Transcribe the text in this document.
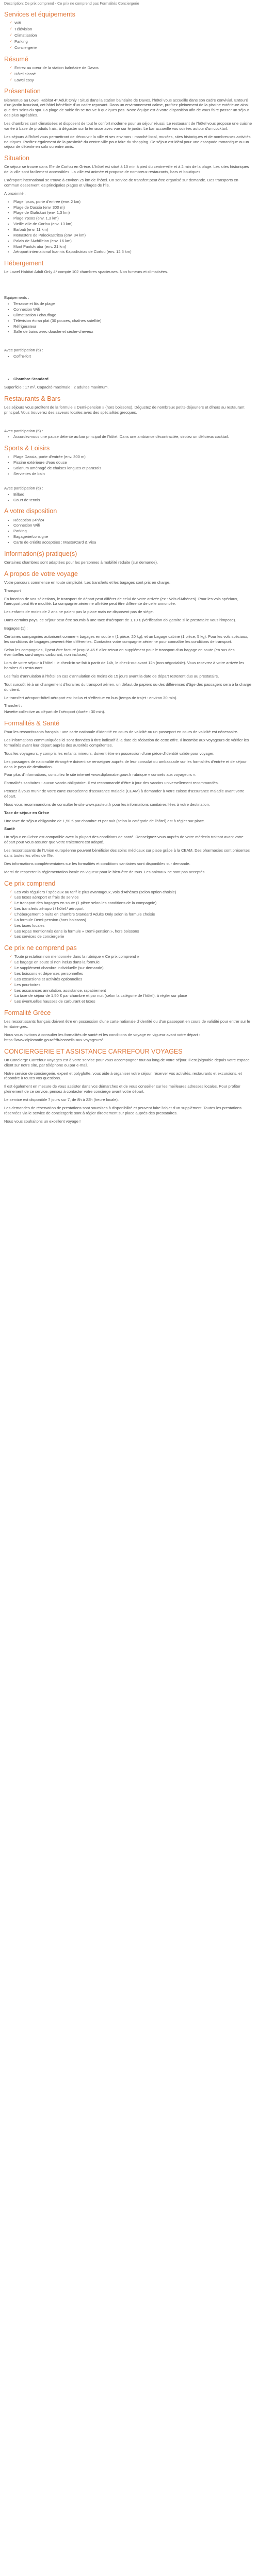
Description: Ce prix comprend - Ce prix ne comprend pas Formalités Conciergerie
Services et équipements
✓ Wifi
✓ Télévision
✓ Climatisation
✓ Parking
✓ Conciergerie
Résumé
✓ Entrez au cœur de la station balnéaire de Davos
✓ Hôtel classé
✓ Lowel cosy
Présentation

Bienvenue au Lowel Habitat 4* Adult Only ! Situé dans la station balnéaire de Davos, l'hôtel vous accueille dans son cadre convivial. Entouré d'un jardin luxuriant, cet hôtel bénéficie d'un cadre reposant. Dans un environnement calme, profitez pleinement de la piscine extérieure ainsi que des soins du spa. La plage de sable fin se trouve à quelques pas. Notre équipe est à votre disposition afin de vous faire passer un séjour des plus agréables.

Les chambres sont climatisées et disposent de tout le confort moderne pour un séjour réussi. Le restaurant de l'hôtel vous propose une cuisine variée à base de produits frais, à déguster sur la terrasse avec vue sur le jardin. Le bar accueille vos soirées autour d'un cocktail.

Les séjours à l'hôtel vous permettront de découvrir la ville et ses environs : marché local, musées, sites historiques et de nombreuses activités nautiques. Profitez également de la proximité du centre-ville pour faire du shopping. Ce séjour est idéal pour une escapade romantique ou un séjour de détente en solo ou entre amis.

Situation

Ce séjour se trouve dans l'île de Corfou en Grèce. L'hôtel est situé à 10 min à pied du centre-ville et à 2 min de la plage. Les sites historiques de la ville sont facilement accessibles. La ville est animée et propose de nombreux restaurants, bars et boutiques.

L'aéroport international se trouve à environ 25 km de l'hôtel. Un service de transfert peut être organisé sur demande. Des transports en commun desservent les principales plages et villages de l'île.

A proximité :

• Plage Ipsos, porte d'entrée (env. 2 km)
• Plage de Dassia (env. 300 m)
• Plage de Gialiskari (env. 1,3 km)
• Plage Ypsos (env. 1,3 km)
• Vieille ville de Corfou (env. 13 km)
• Barbati (env. 11 km)
• Monastère de Paleokastritsa (env. 34 km)
• Palais de l'Achilleion (env. 16 km)
• Mont Pantokrator (env. 21 km)
• Aéroport international Ioannis Kapodistrias de Corfou (env. 12,5 km)
Hébergement

Le Lowel Habitat Adult Only 4* compte 102 chambres spacieuses. Non fumeurs et climatisées.

Equipements :

• Terrasse et lits de plage
• Connexion Wifi
• Climatisation / chauffage
• Télévision écran plat (30 pouces, chaînes satellite)
• Réfrigérateur
• Salle de bains avec douche et sèche-cheveux

Avec participation (€) :

• Coffre-fort
• Chambre Standard

Superficie : 17 m². Capacité maximale : 2 adultes maximum.

Restaurants & Bars

Les séjours vous profitent de la formule « Demi-pension » (hors boissons). Dégustez de nombreux petits-déjeuners et dîners au restaurant principal. Vous trouverez des saveurs locales avec des spécialités grecques.

Avec participation (€) :

• Accordez-vous une pause détente au bar principal de l'hôtel. Dans une ambiance décontractée, sirotez un délicieux cocktail.
Sports & Loisirs
• Plage Dassia, porte d'entrée (env. 300 m)
• Piscine extérieure d'eau douce
• Solarium aménagé de chaises longues et parasols
• Serviettes de bain

Avec participation (€) :

• Billard
• Court de tennis
A votre disposition
• Réception 24h/24
• Connexion Wifi
• Parking
• Bagagerie/consigne
• Carte de crédits acceptées : MasterCard & Visa
Information(s) pratique(s)

Certaines chambres sont adaptées pour les personnes à mobilité réduite (sur demande).

A propos de votre voyage

Votre parcours commence en toute simplicité. Les transferts et les bagages sont pris en charge.

Transport

En fonction de vos sélections, le transport de départ peut différer de celui de votre arrivée (ex : Vols d'Athènes). Pour les vols spéciaux, l'aéroport peut être modifié. La compagnie aérienne affrétée peut être différente de celle annoncée.

Les enfants de moins de 2 ans ne paient pas la place mais ne disposent pas de siège.

Dans certains pays, ce séjour peut être soumis à une taxe d'aéroport de 1,10 € (vérification obligatoire si le prestataire vous l'impose).

Bagages (1) :

Certaines compagnies autorisent comme « bagages en soute » (1 pièce, 20 kg), et un bagage cabine (1 pièce, 5 kg). Pour les vols spéciaux, les conditions de bagages peuvent être différentes. Contactez votre compagnie aérienne pour connaître les conditions de transport.

Selon les compagnies, il peut être facturé jusqu'à 45 € aller-retour en supplément pour le transport d'un bagage en soute (en sus des éventuelles surcharges carburant, non incluses).

Lors de votre séjour à l'hôtel : le check-in se fait à partir de 14h, le check-out avant 12h (non négociable). Vous recevrez à votre arrivée les horaires du restaurant.

Les frais d'annulation à l'hôtel en cas d'annulation de moins de 15 jours avant la date de départ resteront dus au prestataire.

Tout surcoût lié à un changement d'horaires du transport aérien, un défaut de papiers ou des différences d'âge des passagers sera à la charge du client.

Le transfert aéroport-hôtel-aéroport est inclus et s'effectue en bus (temps de trajet : environ 30 min).

Transfert :

Navette collective au départ de l'aéroport (durée : 30 min).

Formalités & Santé

Pour les ressortissants français : une carte nationale d'identité en cours de validité ou un passeport en cours de validité est nécessaire.

Les informations communiquées ici sont données à titre indicatif à la date de rédaction de cette offre. Il incombe aux voyageurs de vérifier les formalités avant leur départ auprès des autorités compétentes.

Tous les voyageurs, y compris les enfants mineurs, doivent être en possession d'une pièce d'identité valide pour voyager.

Les passagers de nationalité étrangère doivent se renseigner auprès de leur consulat ou ambassade sur les formalités d'entrée et de séjour dans le pays de destination.

Pour plus d'informations, consultez le site internet www.diplomatie.gouv.fr rubrique « conseils aux voyageurs ».

Formalités sanitaires : aucun vaccin obligatoire. Il est recommandé d'être à jour des vaccins universellement recommandés.

Pensez à vous munir de votre carte européenne d'assurance maladie (CEAM) à demander à votre caisse d'assurance maladie avant votre départ.

Nous vous recommandons de consulter le site www.pasteur.fr pour les informations sanitaires liées à votre destination.

Taxe de séjour en Grèce

Une taxe de séjour obligatoire de 1,50 € par chambre et par nuit (selon la catégorie de l'hôtel) est à régler sur place.

Santé

Un séjour en Grèce est compatible avec la plupart des conditions de santé. Renseignez-vous auprès de votre médecin traitant avant votre départ pour vous assurer que votre traitement est adapté.

Les ressortissants de l'Union européenne peuvent bénéficier des soins médicaux sur place grâce à la CEAM. Des pharmacies sont présentes dans toutes les villes de l'île.

Des informations complémentaires sur les formalités et conditions sanitaires sont disponibles sur demande.

Merci de respecter la réglementation locale en vigueur pour le bien-être de tous. Les animaux ne sont pas acceptés.

Ce prix comprend
✓ Les vols réguliers / spéciaux au tarif le plus avantageux, vols d'Athènes (selon option choisie)
✓ Les taxes aéroport et frais de service
✓ Le transport des bagages en soute (1 pièce selon les conditions de la compagnie)
✓ Les transferts aéroport / hôtel / aéroport
✓ L'hébergement 5 nuits en chambre Standard Adulte Only selon la formule choisie
✓ La formule Demi-pension (hors boissons)
✓ Les taxes locales
✓ Les repas mentionnés dans la formule « Demi-pension », hors boissons
✓ Les services de conciergerie
Ce prix ne comprend pas
✓ Toute prestation non mentionnée dans la rubrique « Ce prix comprend »
✓ Le bagage en soute si non inclus dans la formule
✓ Le supplément chambre individuelle (sur demande)
✓ Les boissons et dépenses personnelles
✓ Les excursions et activités optionnelles
✓ Les pourboires
✓ Les assurances annulation, assistance, rapatriement
✓ La taxe de séjour de 1,50 € par chambre et par nuit (selon la catégorie de l'hôtel), à régler sur place
✓ Les éventuelles hausses de carburant et taxes
Formalité Grèce

Les ressortissants français doivent être en possession d'une carte nationale d'identité ou d'un passeport en cours de validité pour entrer sur le territoire grec.

Nous vous invitons à consulter les formalités de santé et les conditions de voyage en vigueur avant votre départ : https://www.diplomatie.gouv.fr/fr/conseils-aux-voyageurs/.

CONCIERGERIE ET ASSISTANCE CARREFOUR VOYAGES

Un Concierge Carrefour Voyages est à votre service pour vous accompagner tout au long de votre séjour. Il est joignable depuis votre espace client sur notre site, par téléphone ou par e-mail.

Notre service de conciergerie, expert et polyglotte, vous aide à organiser votre séjour, réserver vos activités, restaurants et excursions, et répondre à toutes vos questions.

Il est également en mesure de vous assister dans vos démarches et de vous conseiller sur les meilleures adresses locales. Pour profiter pleinement de ce service, pensez à contacter votre concierge avant votre départ.

Le service est disponible 7 jours sur 7, de 8h à 22h (heure locale).

Les demandes de réservation de prestations sont soumises à disponibilité et peuvent faire l'objet d'un supplément. Toutes les prestations réservées via le service de conciergerie sont à régler directement sur place auprès des prestataires.

Nous vous souhaitons un excellent voyage !
